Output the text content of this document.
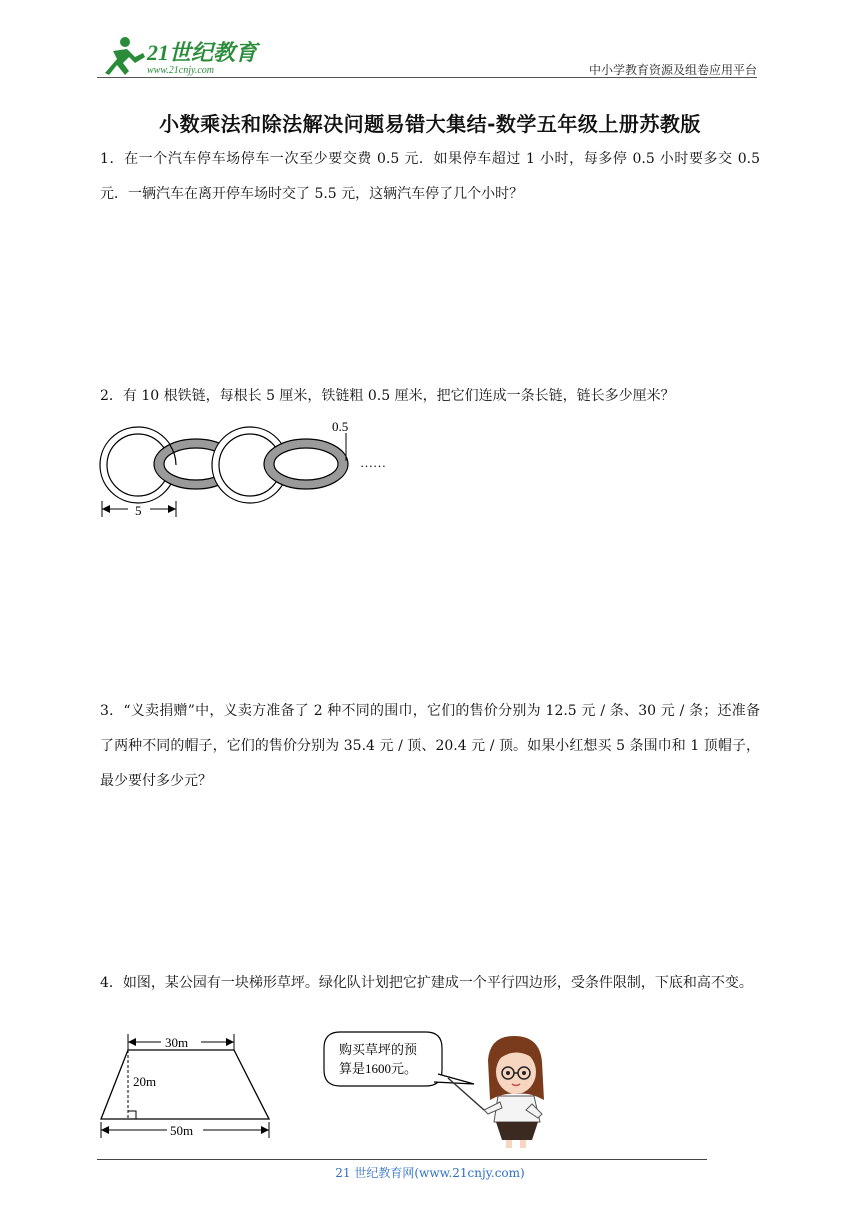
21世纪教育
www.21cnjy.com	中小学教育资源及组卷应用平台
小数乘法和除法解决问题易错大集结-数学五年级上册苏教版
1．在一个汽车停车场停车一次至少要交费 0.5 元．如果停车超过 1 小时，每多停 0.5 小时要多交 0.5 元．一辆汽车在离开停车场时交了 5.5 元，这辆汽车停了几个小时？
2．有 10 根铁链，每根长 5 厘米，铁链粗 0.5 厘米，把它们连成一条长链，链长多少厘米？
0.5
……
5
3．“义卖捐赠”中，义卖方准备了 2 种不同的围巾，它们的售价分别为 12.5 元 / 条、30 元 / 条；还准备了两种不同的帽子，它们的售价分别为 35.4 元 / 顶、20.4 元 / 顶。如果小红想买 5 条围巾和 1 顶帽子，最少要付多少元？
4．如图，某公园有一块梯形草坪。绿化队计划把它扩建成一个平行四边形，受条件限制，下底和高不变。
30m
20m
50m
购买草坪的预
算是1600元。
21 世纪教育网(www.21cnjy.com)
